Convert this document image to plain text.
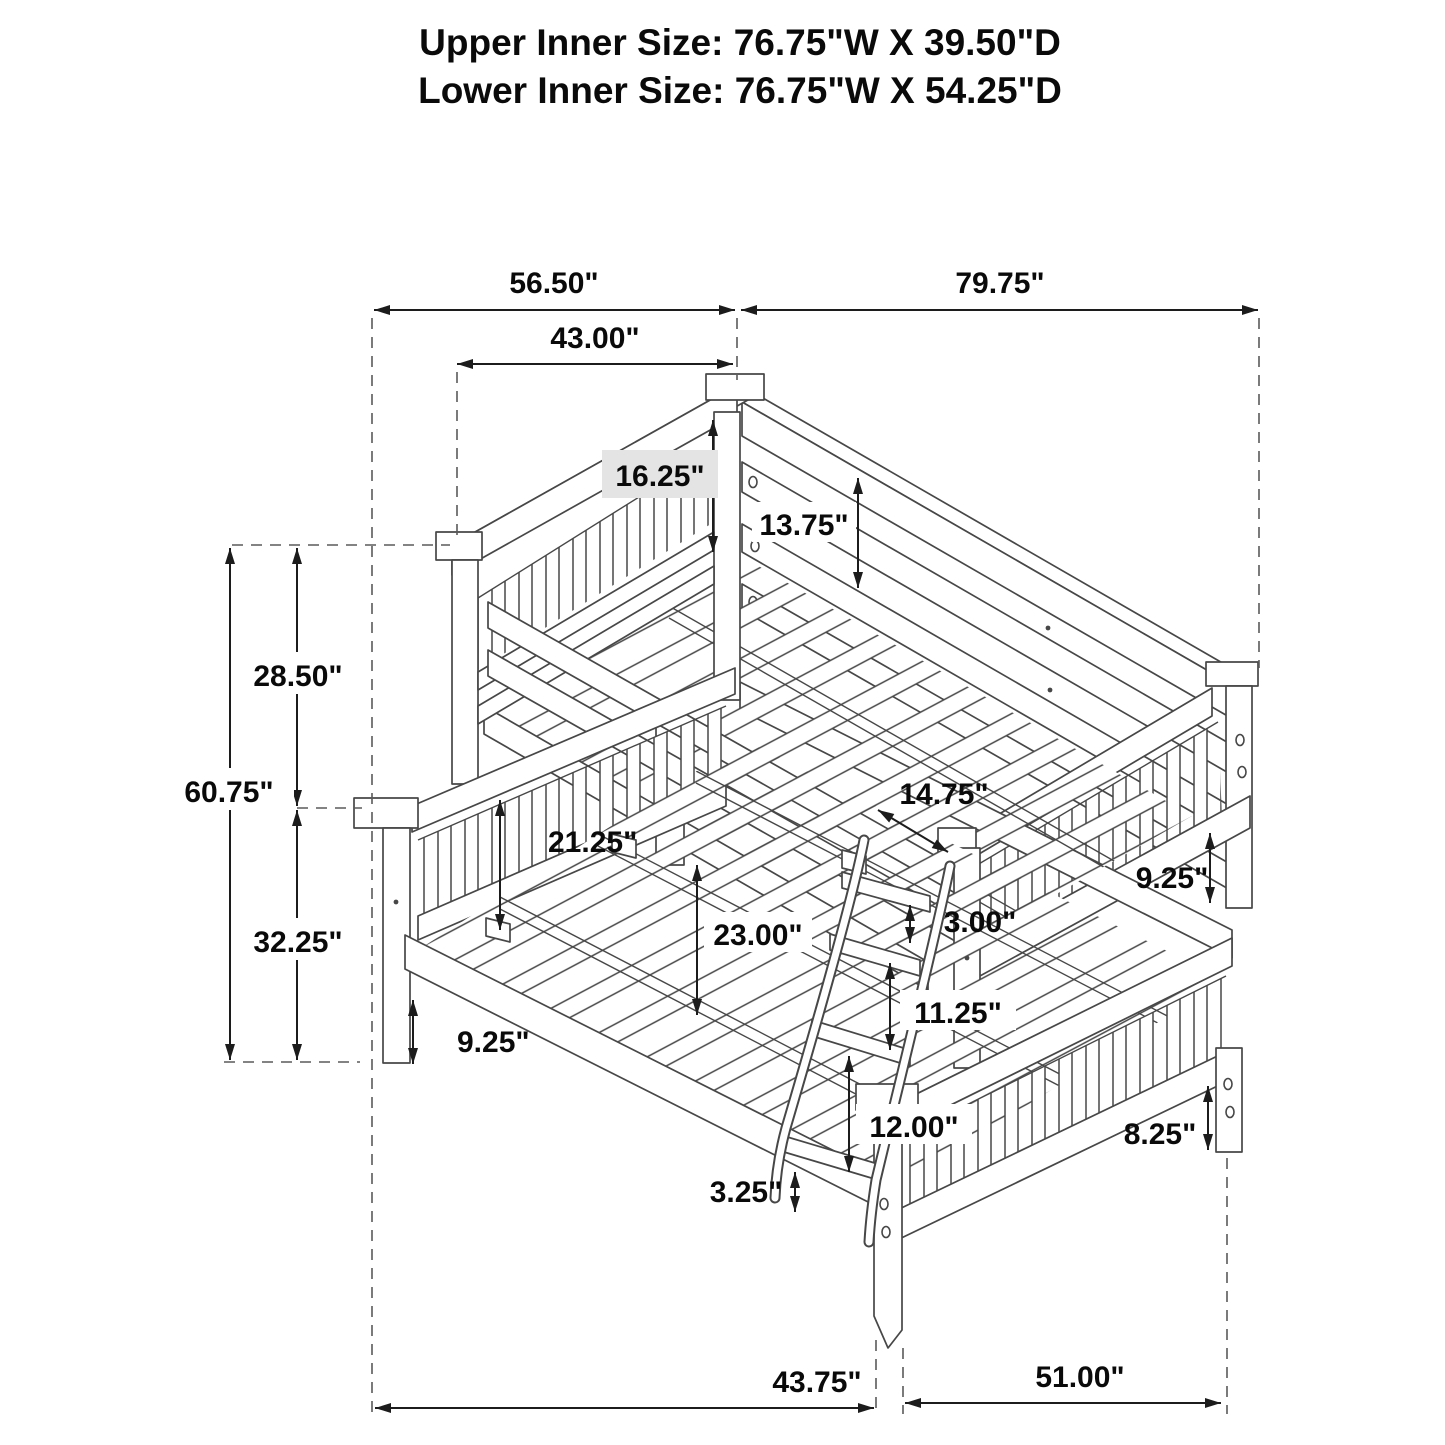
56.50"	79.75"
43.00"
16.25"
13.75"
28.50"
60.75"
32.25"
21.25"
14.75"
23.00"	3.00"
9.25"
11.25"
12.00"
9.25"
3.25"
8.25"
43.75"	51.00"
Upper Inner Size: 76.75"W X 39.50"D
Lower Inner Size: 76.75"W X 54.25"D
